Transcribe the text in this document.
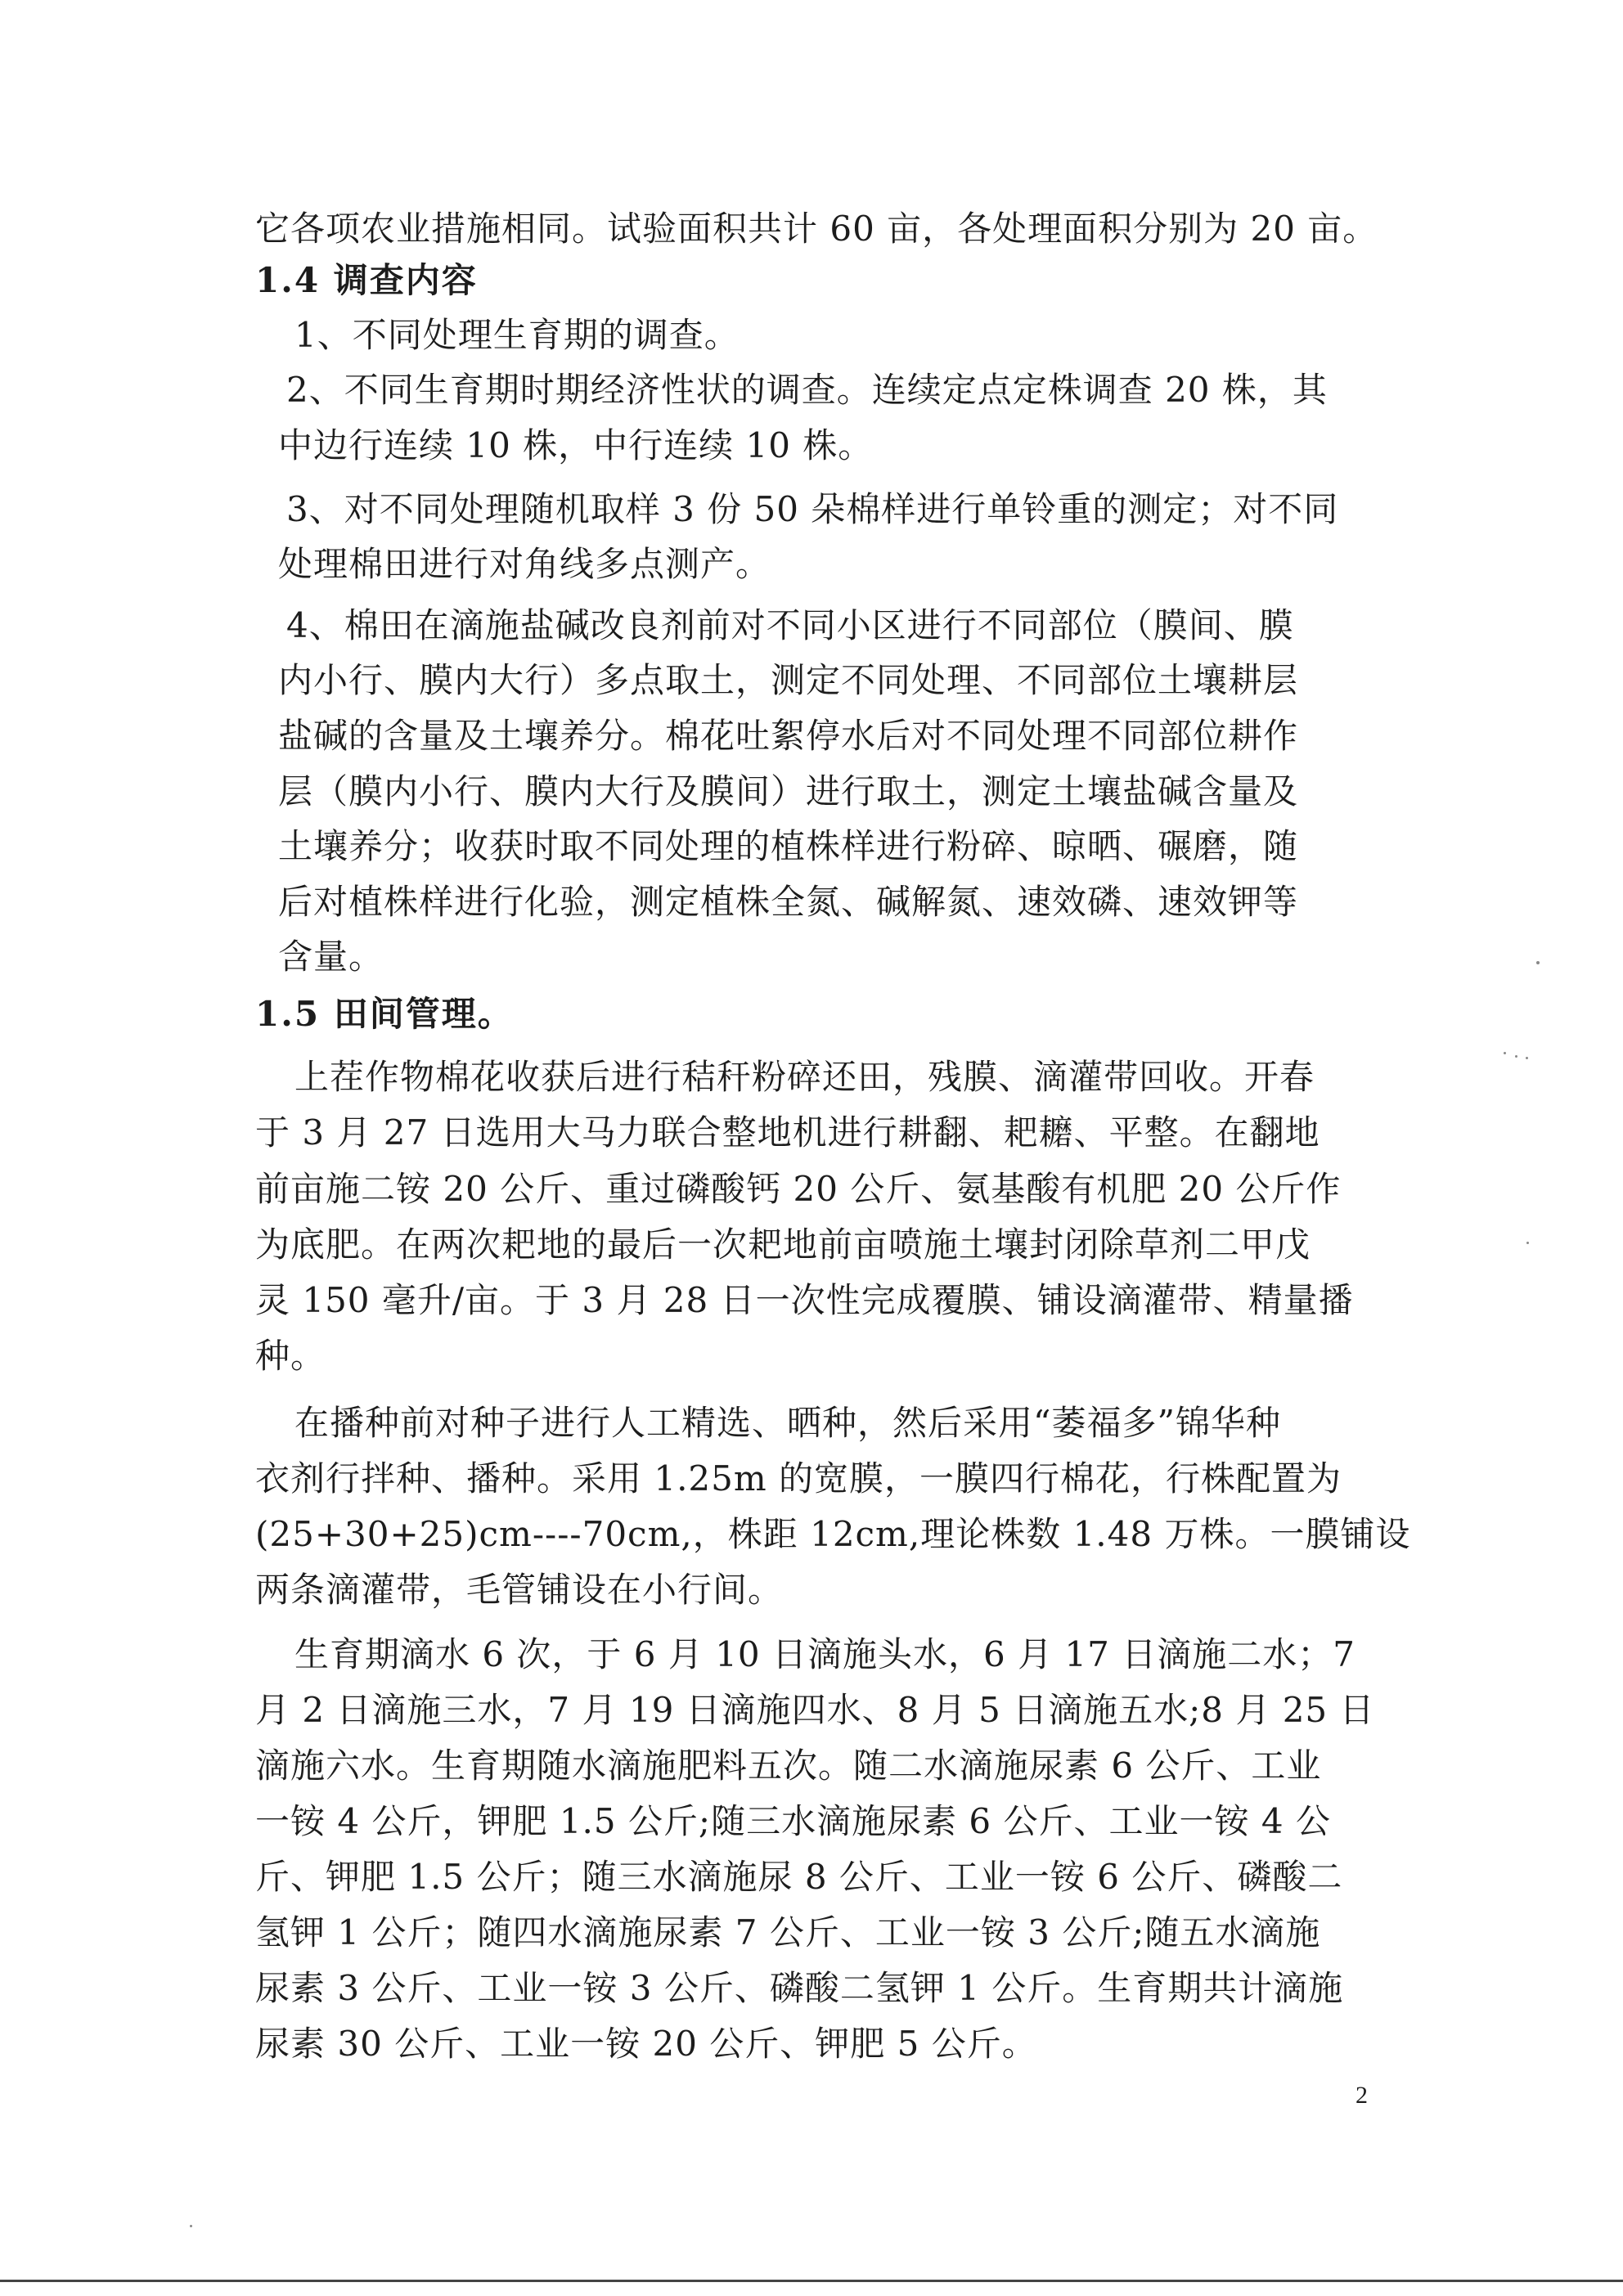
它各项农业措施相同。试验面积共计 60 亩，各处理面积分别为 20 亩。
1.4 调查内容
1、不同处理生育期的调查。
2、不同生育期时期经济性状的调查。连续定点定株调查 20 株，其
中边行连续 10 株，中行连续 10 株。
3、对不同处理随机取样 3 份 50 朵棉样进行单铃重的测定；对不同
处理棉田进行对角线多点测产。
4、棉田在滴施盐碱改良剂前对不同小区进行不同部位（膜间、膜
内小行、膜内大行）多点取土，测定不同处理、不同部位土壤耕层
盐碱的含量及土壤养分。棉花吐絮停水后对不同处理不同部位耕作
层（膜内小行、膜内大行及膜间）进行取土，测定土壤盐碱含量及
土壤养分；收获时取不同处理的植株样进行粉碎、晾晒、碾磨，随
后对植株样进行化验，测定植株全氮、碱解氮、速效磷、速效钾等
含量。
1.5 田间管理。
上茬作物棉花收获后进行秸秆粉碎还田，残膜、滴灌带回收。开春
于 3 月 27 日选用大马力联合整地机进行耕翻、耙耱、平整。在翻地
前亩施二铵 20 公斤、重过磷酸钙 20 公斤、氨基酸有机肥 20 公斤作
为底肥。在两次耙地的最后一次耙地前亩喷施土壤封闭除草剂二甲戊
灵 150 毫升/亩。于 3 月 28 日一次性完成覆膜、铺设滴灌带、精量播
种。
在播种前对种子进行人工精选、晒种，然后采用“萎福多”锦华种
衣剂行拌种、播种。采用 1.25m 的宽膜，一膜四行棉花，行株配置为
(25+30+25)cm----70cm,，株距 12cm,理论株数 1.48 万株。一膜铺设
两条滴灌带，毛管铺设在小行间。
生育期滴水 6 次，于 6 月 10 日滴施头水，6 月 17 日滴施二水；7
月 2 日滴施三水，7 月 19 日滴施四水、8 月 5 日滴施五水;8 月 25 日
滴施六水。生育期随水滴施肥料五次。随二水滴施尿素 6 公斤、工业
一铵 4 公斤，钾肥 1.5 公斤;随三水滴施尿素 6 公斤、工业一铵 4 公
斤、钾肥 1.5 公斤；随三水滴施尿 8 公斤、工业一铵 6 公斤、磷酸二
氢钾 1 公斤；随四水滴施尿素 7 公斤、工业一铵 3 公斤;随五水滴施
尿素 3 公斤、工业一铵 3 公斤、磷酸二氢钾 1 公斤。生育期共计滴施
尿素 30 公斤、工业一铵 20 公斤、钾肥 5 公斤。
2
